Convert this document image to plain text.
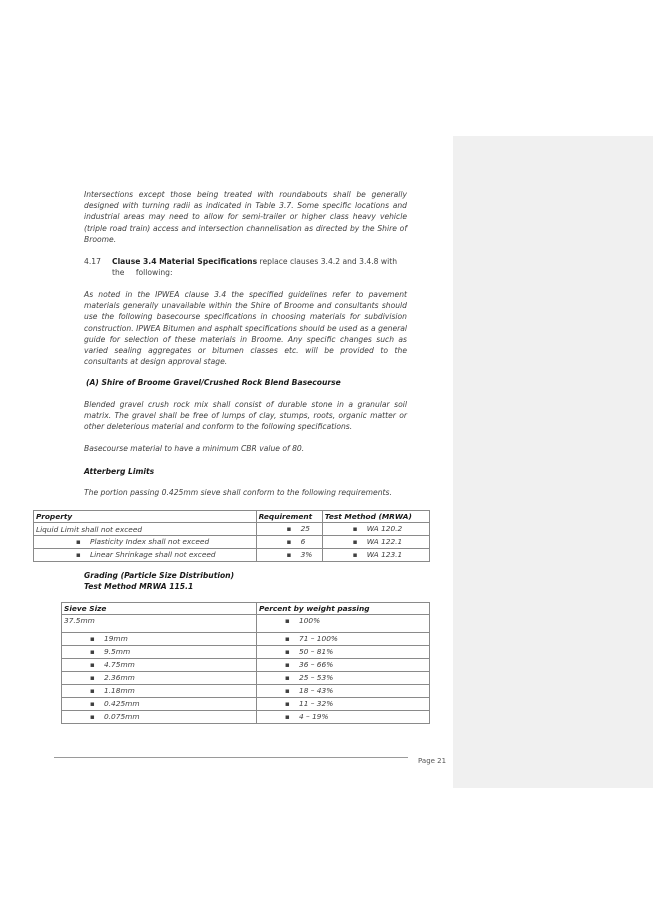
Intersections except those being treated with roundabouts shall be generally designed with turning radii as indicated in Table 3.7. Some specific locations and industrial areas may need to allow for semi-trailer or higher class heavy vehicle (triple road train) access and intersection channelisation as directed by the Shire of Broome.

4.17 Clause 3.4 Material Specifications replace clauses 3.4.2 and 3.4.8 with the  following:

As noted in the IPWEA clause 3.4 the specified guidelines refer to pavement materials generally unavailable within the Shire of Broome and consultants should use the following basecourse specifications in choosing materials for subdivision construction. IPWEA Bitumen and asphalt specifications should be used as a general guide for selection of these materials in Broome. Any specific changes such as varied sealing aggregates or bitumen classes etc. will be provided to the consultants at design approval stage.

(A) Shire of Broome Gravel/Crushed Rock Blend Basecourse

Blended gravel crush rock mix shall consist of durable stone in a granular soil matrix. The gravel shall be free of lumps of clay, stumps, roots, organic matter or other deleterious material and conform to the following specifications.

Basecourse material to have a minimum CBR value of 80.

Atterberg Limits

The portion passing 0.425mm sieve shall conform to the following requirements.

Property	Requirement	Test Method (MRWA)
Liquid Limit shall not exceed	▪25	▪WA 120.2
▪ Plasticity Index shall not exceed	▪6	▪WA 122.1
▪ Linear Shrinkage shall not exceed	▪3%	▪WA 123.1

Grading (Particle Size Distribution)

Test Method MRWA 115.1

Sieve Size	Percent by weight passing
37.5mm	▪100%
▪ 19mm	▪71 – 100%
▪ 9.5mm	▪50 – 81%
▪ 4.75mm	▪36 – 66%
▪ 2.36mm	▪25 – 53%
▪ 1.18mm	▪18 – 43%
▪ 0.425mm	▪11 – 32%
▪ 0.075mm	▪4 – 19%
Page 21
